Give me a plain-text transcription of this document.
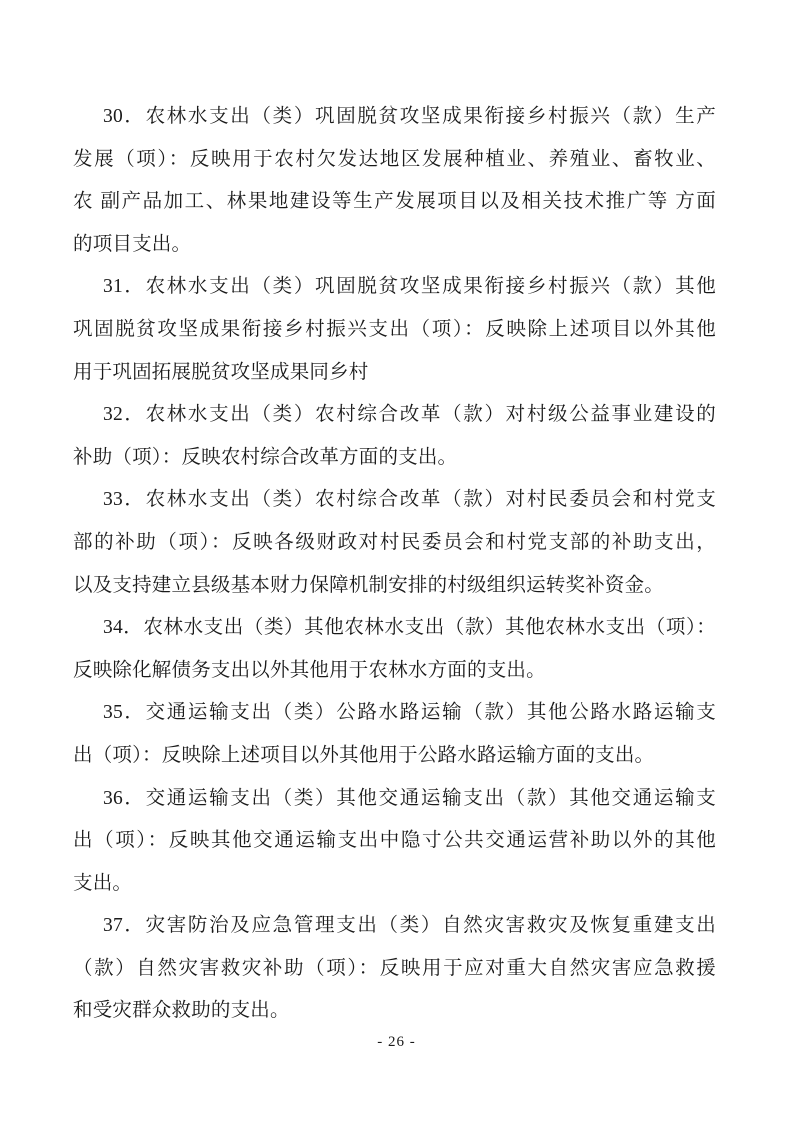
30．农林水支出（类）巩固脱贫攻坚成果衔接乡村振兴（款）生产
发展（项）：反映用于农村欠发达地区发展种植业、养殖业、畜牧业、
农 副产品加工、林果地建设等生产发展项目以及相关技术推广等 方面
的项目支出。
31．农林水支出（类）巩固脱贫攻坚成果衔接乡村振兴（款）其他
巩固脱贫攻坚成果衔接乡村振兴支出（项）：反映除上述项目以外其他
用于巩固拓展脱贫攻坚成果同乡村
32．农林水支出（类）农村综合改革（款）对村级公益事业建设的
补助（项）：反映农村综合改革方面的支出。
33．农林水支出（类）农村综合改革（款）对村民委员会和村党支
部的补助（项）：反映各级财政对村民委员会和村党支部的补助支出，
以及支持建立县级基本财力保障机制安排的村级组织运转奖补资金。
34．农林水支出（类）其他农林水支出（款）其他农林水支出（项）：
反映除化解债务支出以外其他用于农林水方面的支出。
35．交通运输支出（类）公路水路运输（款）其他公路水路运输支
出（项）：反映除上述项目以外其他用于公路水路运输方面的支出。
36．交通运输支出（类）其他交通运输支出（款）其他交通运输支
出（项）：反映其他交通运输支出中隐寸公共交通运营补助以外的其他
支出。
37．灾害防治及应急管理支出（类）自然灾害救灾及恢复重建支出
（款）自然灾害救灾补助（项）：反映用于应对重大自然灾害应急救援
和受灾群众救助的支出。
- 26 -
